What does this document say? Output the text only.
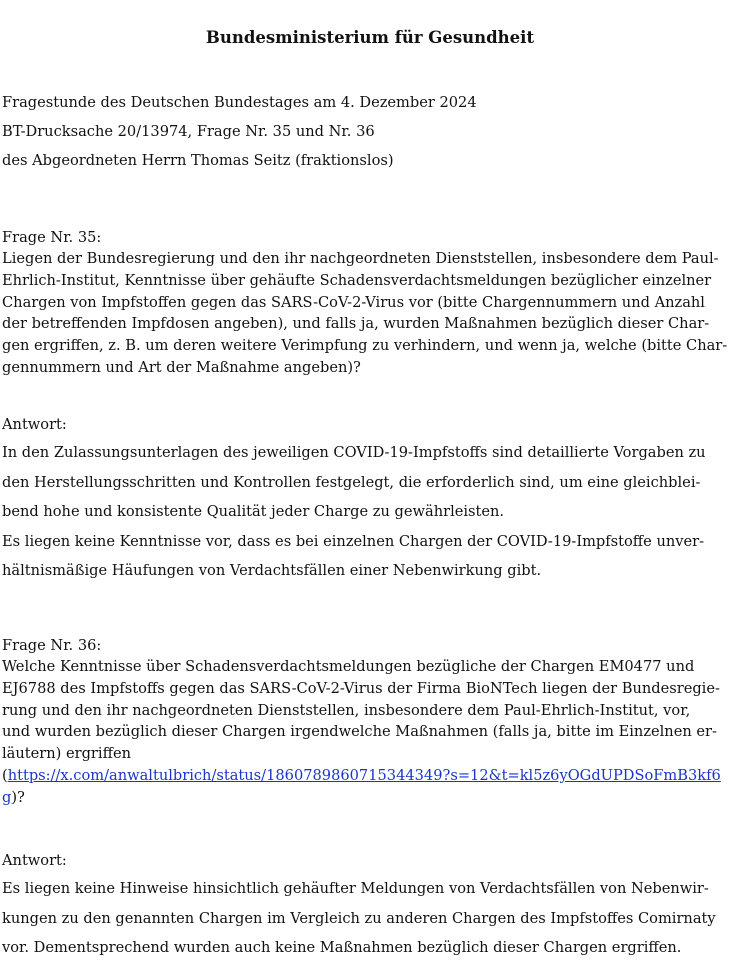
Bundesministerium für Gesundheit
Fragestunde des Deutschen Bundestages am 4. Dezember 2024
BT-Drucksache 20/13974, Frage Nr. 35 und Nr. 36
des Abgeordneten Herrn Thomas Seitz (fraktionslos)
Frage Nr. 35:
Liegen der Bundesregierung und den ihr nachgeordneten Dienststellen, insbesondere dem Paul-
Ehrlich-Institut, Kenntnisse über gehäufte Schadensverdachtsmeldungen bezüglicher einzelner
Chargen von Impfstoffen gegen das SARS-CoV-2-Virus vor (bitte Chargennummern und Anzahl
der betreffenden Impfdosen angeben), und falls ja, wurden Maßnahmen bezüglich dieser Char-
gen ergriffen, z. B. um deren weitere Verimpfung zu verhindern, und wenn ja, welche (bitte Char-
gennummern und Art der Maßnahme angeben)?
Antwort:
In den Zulassungsunterlagen des jeweiligen COVID-19-Impfstoffs sind detaillierte Vorgaben zu
den Herstellungsschritten und Kontrollen festgelegt, die erforderlich sind, um eine gleichblei-
bend hohe und konsistente Qualität jeder Charge zu gewährleisten.
Es liegen keine Kenntnisse vor, dass es bei einzelnen Chargen der COVID-19-Impfstoffe unver-
hältnismäßige Häufungen von Verdachtsfällen einer Nebenwirkung gibt.
Frage Nr. 36:
Welche Kenntnisse über Schadensverdachtsmeldungen bezügliche der Chargen EM0477 und
EJ6788 des Impfstoffs gegen das SARS-CoV-2-Virus der Firma BioNTech liegen der Bundesregie-
rung und den ihr nachgeordneten Dienststellen, insbesondere dem Paul-Ehrlich-Institut, vor,
und wurden bezüglich dieser Chargen irgendwelche Maßnahmen (falls ja, bitte im Einzelnen er-
läutern) ergriffen
(https://x.com/anwaltulbrich/status/1860789860715344349?s=12&t=kl5z6yOGdUPDSoFmB3kf6
g)?
Antwort:
Es liegen keine Hinweise hinsichtlich gehäufter Meldungen von Verdachtsfällen von Nebenwir-
kungen zu den genannten Chargen im Vergleich zu anderen Chargen des Impfstoffes Comirnaty
vor. Dementsprechend wurden auch keine Maßnahmen bezüglich dieser Chargen ergriffen.
